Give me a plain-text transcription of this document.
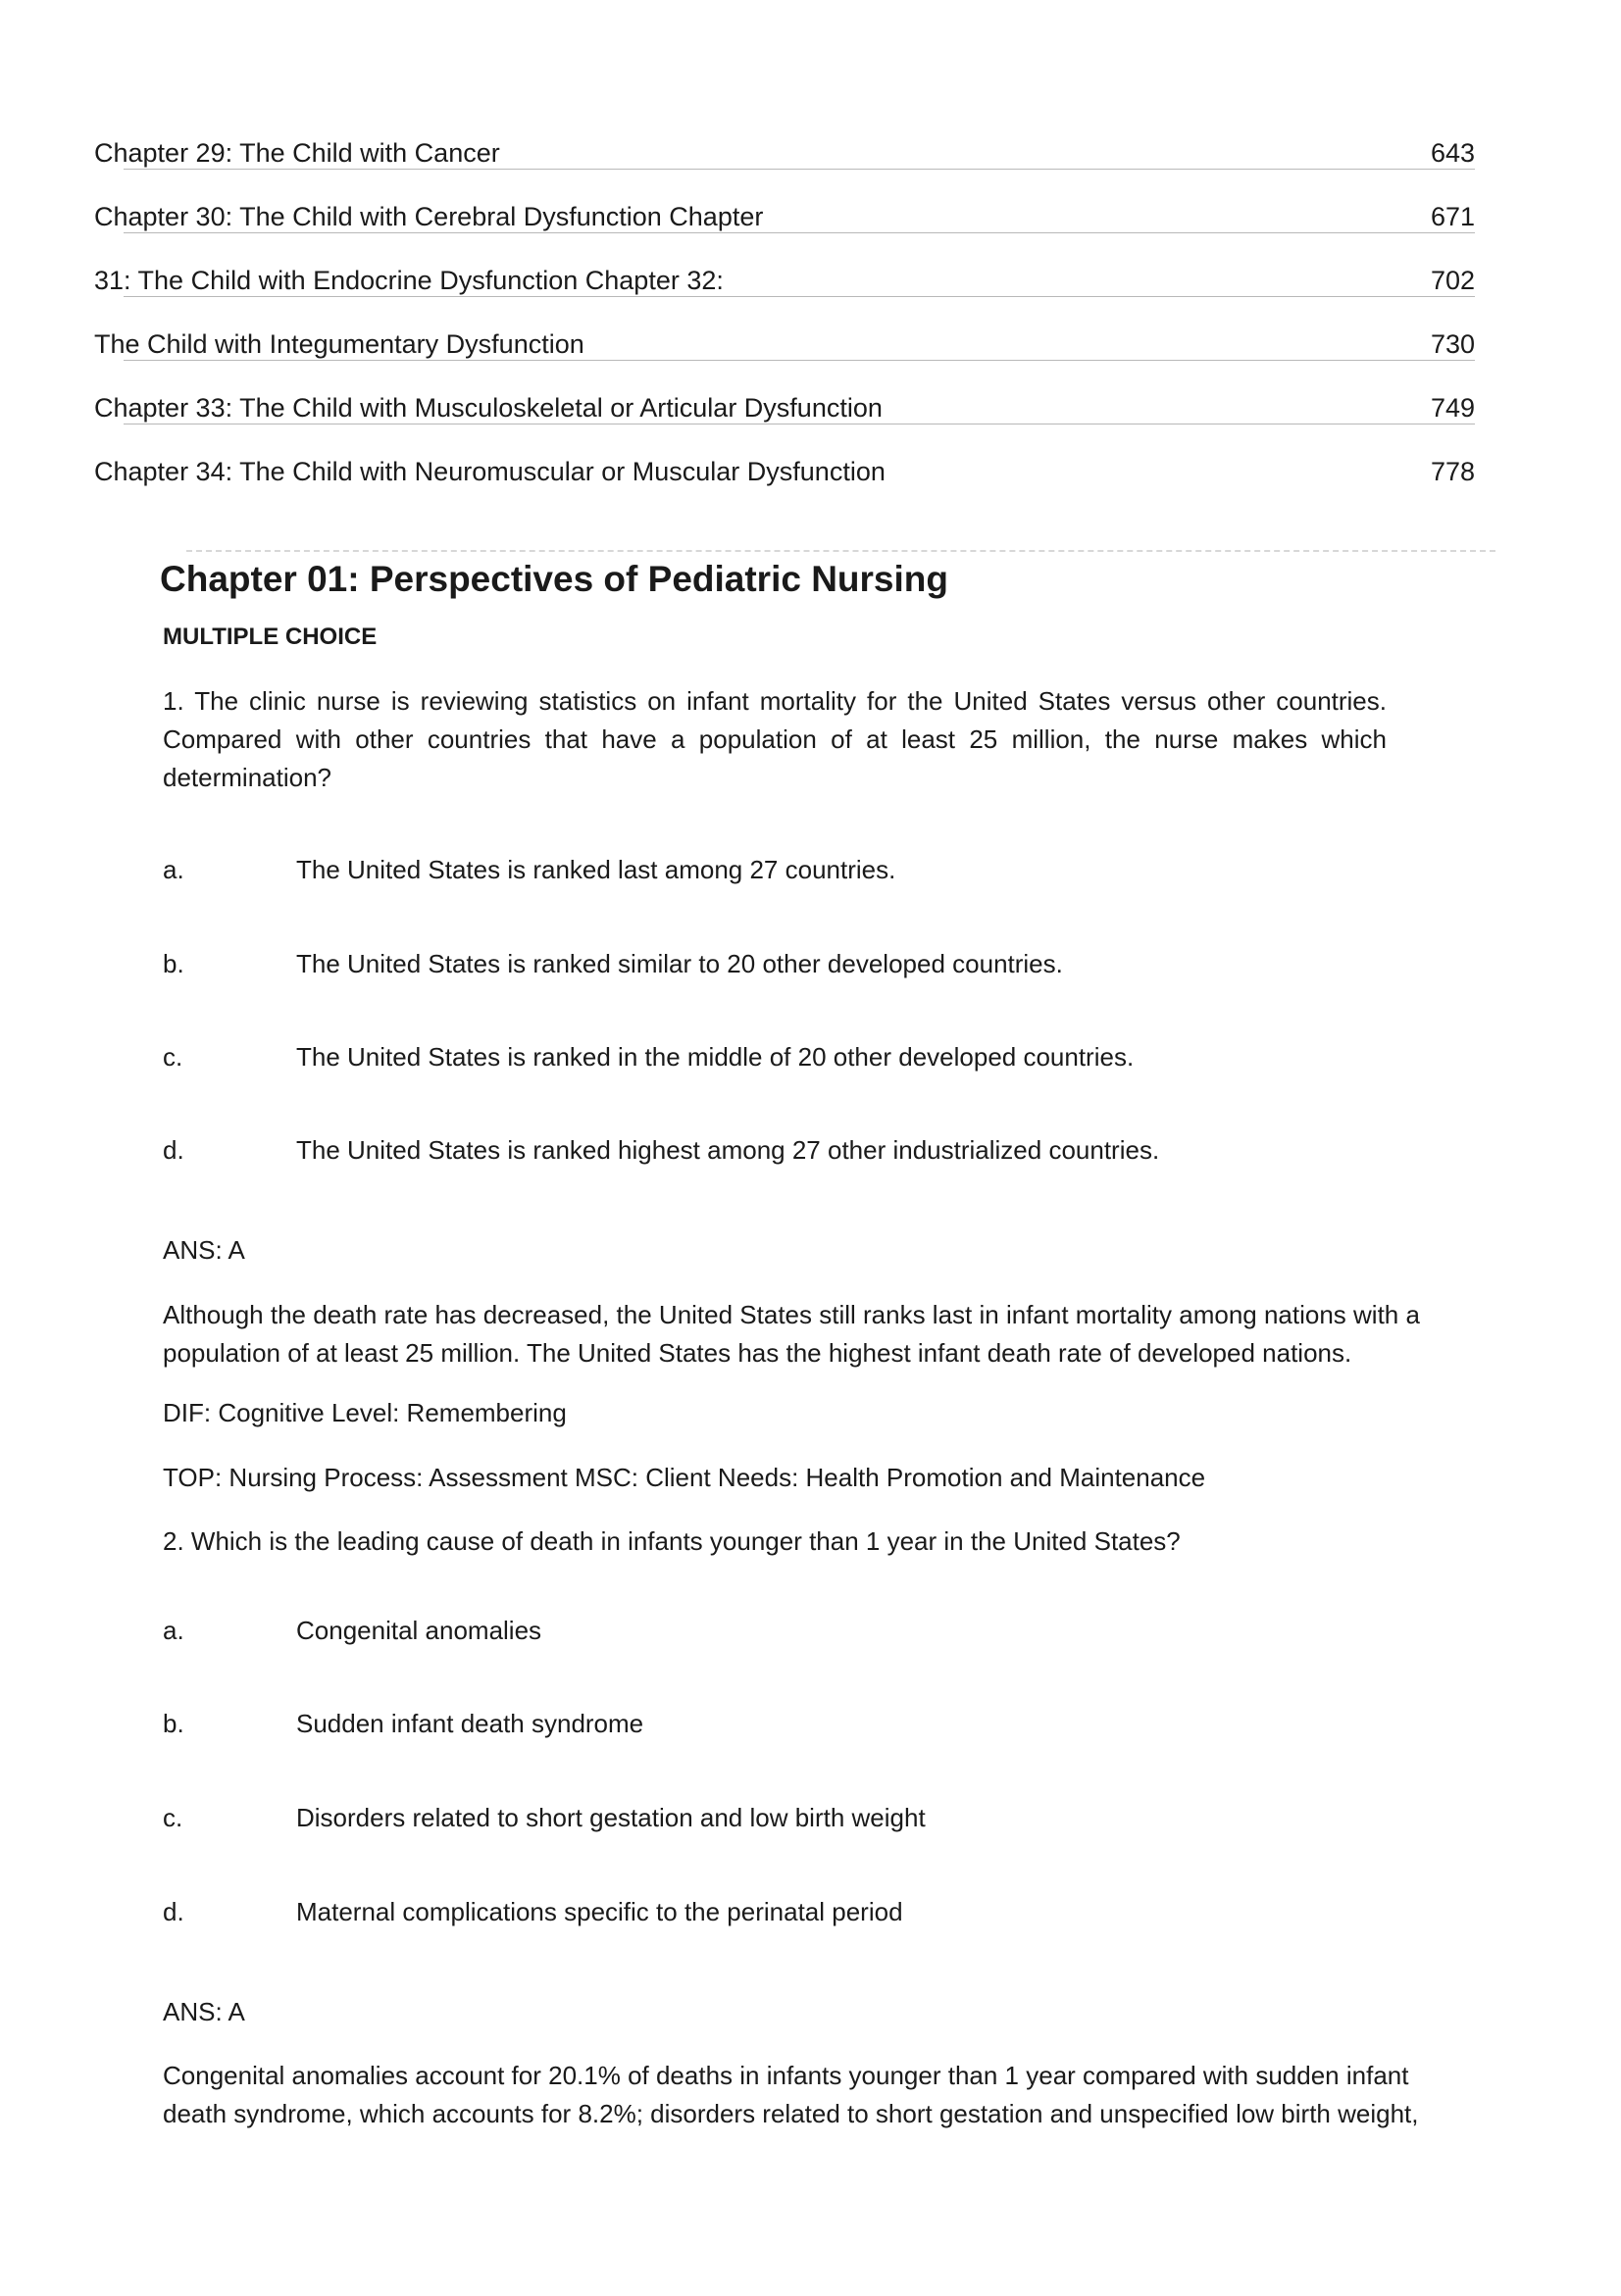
Chapter 29: The Child with Cancer	643
Chapter 30: The Child with Cerebral Dysfunction Chapter	671
31: The Child with Endocrine Dysfunction Chapter 32:	702
The Child with Integumentary Dysfunction	730
Chapter 33: The Child with Musculoskeletal or Articular Dysfunction	749
Chapter 34: The Child with Neuromuscular or Muscular Dysfunction	778
Chapter 01: Perspectives of Pediatric Nursing
MULTIPLE CHOICE
1. The clinic nurse is reviewing statistics on infant mortality for the United States versus other countries. Compared with other countries that have a population of at least 25 million, the nurse makes which determination?
a.	The United States is ranked last among 27 countries.
b.	The United States is ranked similar to 20 other developed countries.
c.	The United States is ranked in the middle of 20 other developed countries.
d.	The United States is ranked highest among 27 other industrialized countries.
ANS: A
Although the death rate has decreased, the United States still ranks last in infant mortality among nations with a population of at least 25 million. The United States has the highest infant death rate of developed nations.
DIF: Cognitive Level: Remembering
TOP: Nursing Process: Assessment MSC: Client Needs: Health Promotion and Maintenance
2. Which is the leading cause of death in infants younger than 1 year in the United States?
a.	Congenital anomalies
b.	Sudden infant death syndrome
c.	Disorders related to short gestation and low birth weight
d.	Maternal complications specific to the perinatal period
ANS: A
Congenital anomalies account for 20.1% of deaths in infants younger than 1 year compared with sudden infant death syndrome, which accounts for 8.2%; disorders related to short gestation and unspecified low birth weight,
